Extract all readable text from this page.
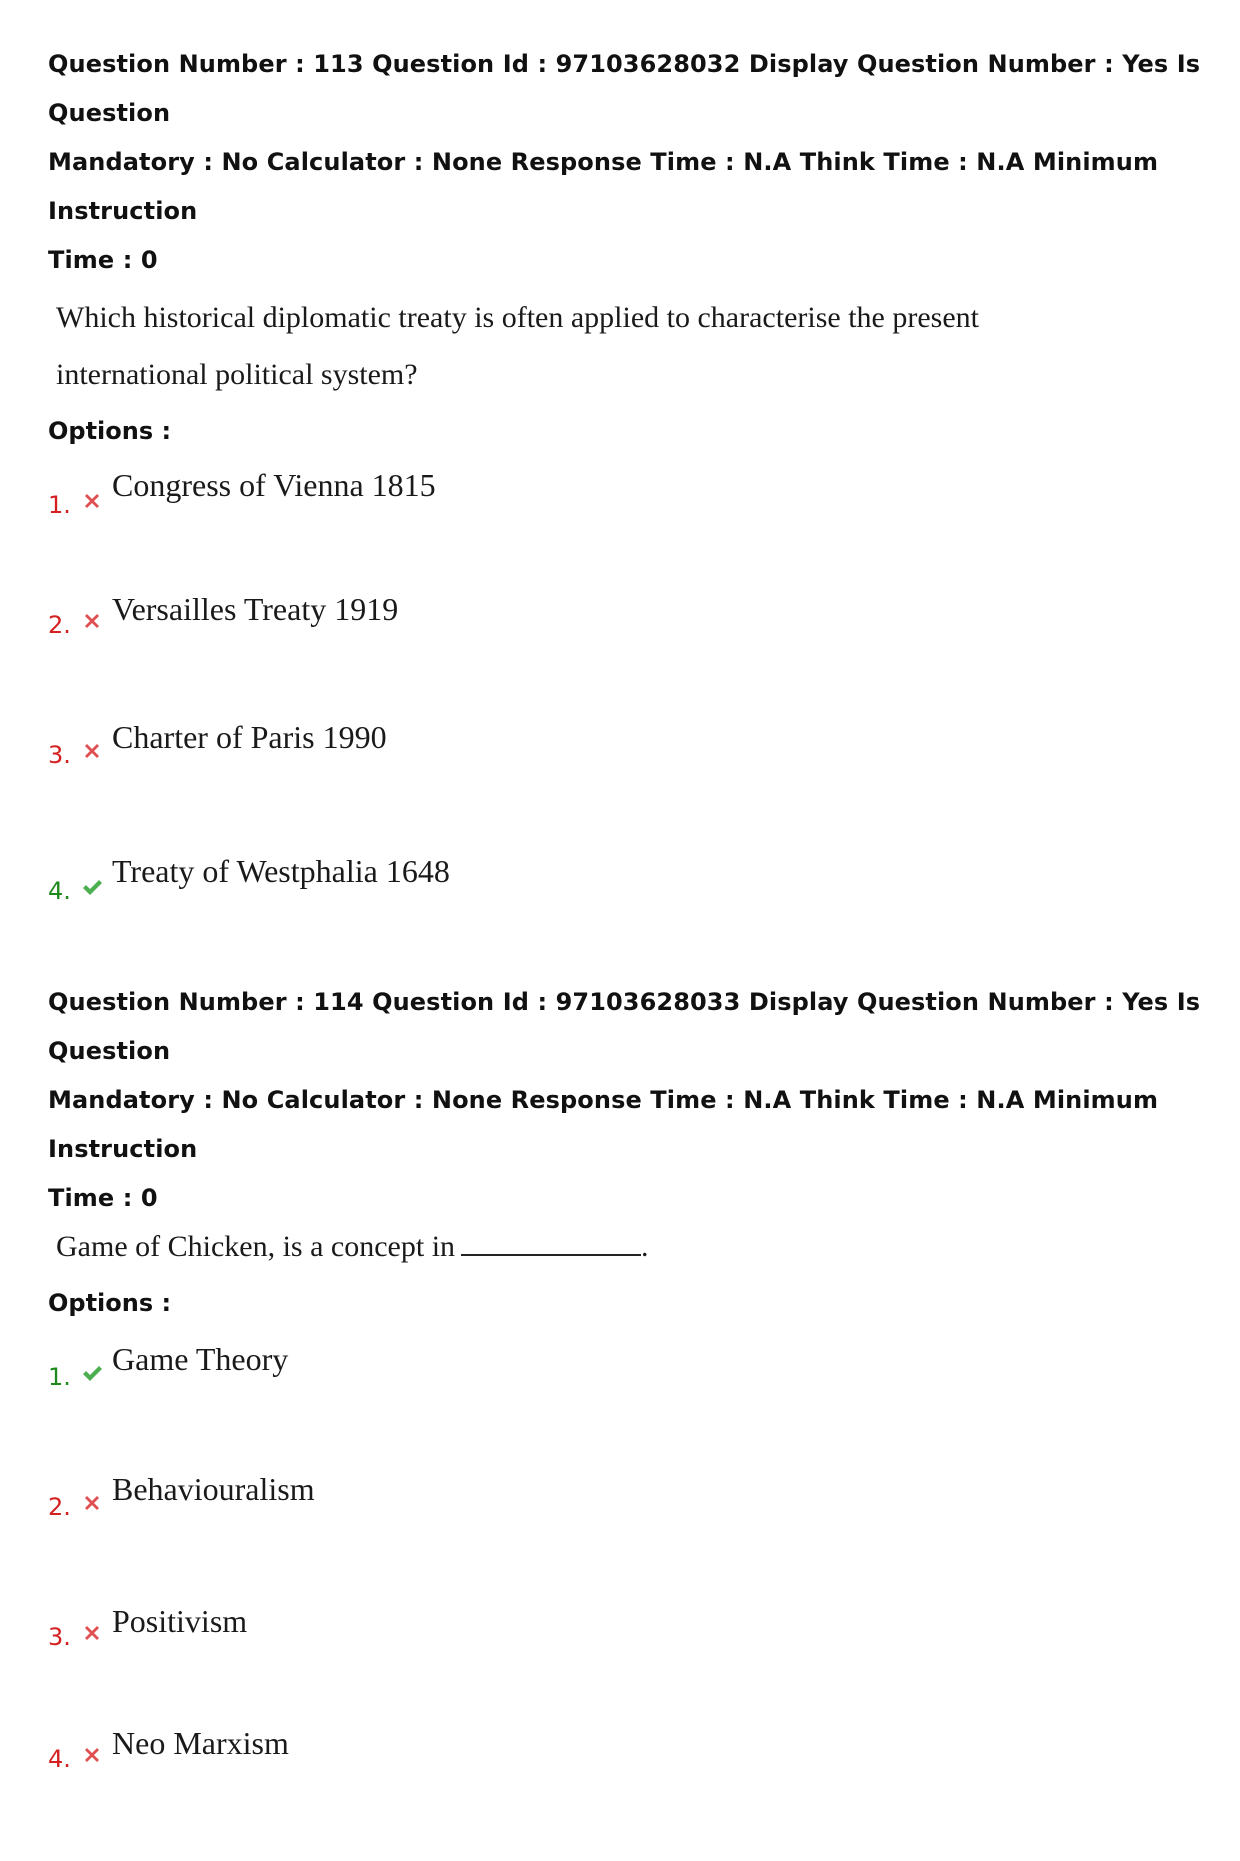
Question Number : 113 Question Id : 97103628032 Display Question Number : Yes Is Question

Mandatory : No Calculator : None Response Time : N.A Think Time : N.A Minimum Instruction

Time : 0

Which historical diplomatic treaty is often applied to characterise the present

international political system?

Options :

1.
Congress of Vienna 1815
2. Versailles Treaty 1919
3. Charter of Paris 1990
4.
Treaty of Westphalia 1648

Question Number : 114 Question Id : 97103628033 Display Question Number : Yes Is Question

Mandatory : No Calculator : None Response Time : N.A Think Time : N.A Minimum Instruction

Time : 0

Game of Chicken, is a concept in	.

Options :

1. Game Theory
2. Behaviouralism
3. Positivism
4. Neo Marxism
